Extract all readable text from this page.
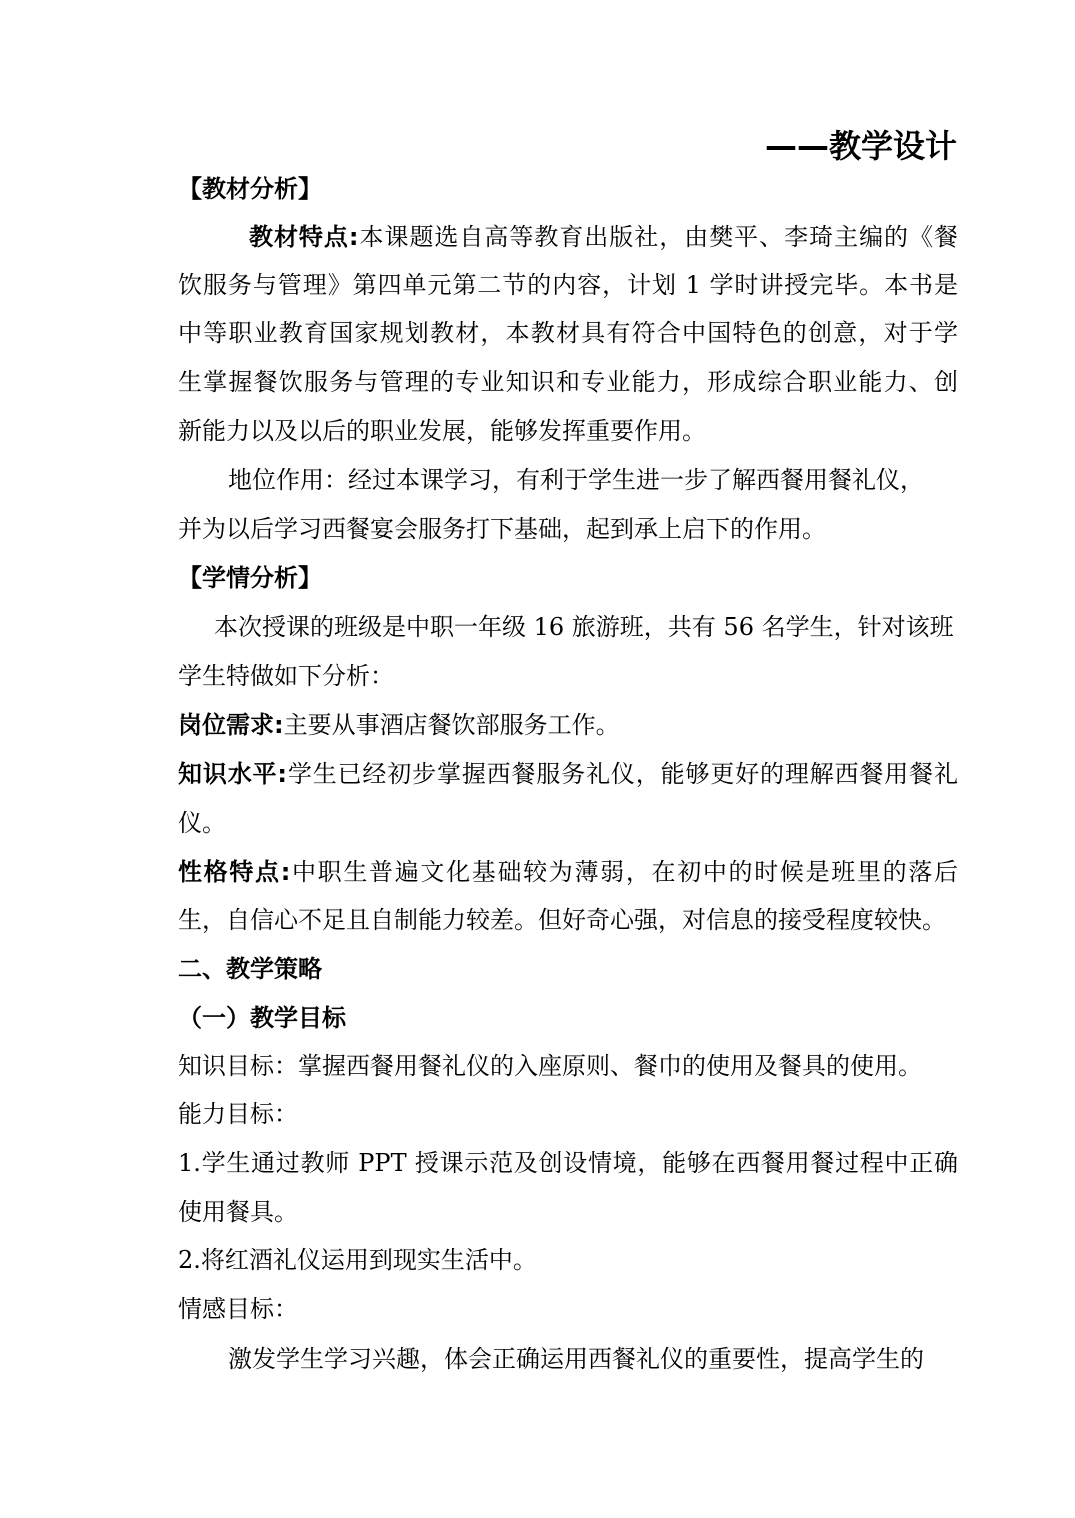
——教学设计
【教材分析】
教材特点:本课题选自高等教育出版社，由樊平、李琦主编的《餐
饮服务与管理》第四单元第二节的内容，计划 1 学时讲授完毕。本书是
中等职业教育国家规划教材，本教材具有符合中国特色的创意，对于学
生掌握餐饮服务与管理的专业知识和专业能力，形成综合职业能力、创
新能力以及以后的职业发展，能够发挥重要作用。
地位作用：经过本课学习，有利于学生进一步了解西餐用餐礼仪，
并为以后学习西餐宴会服务打下基础，起到承上启下的作用。
【学情分析】
本次授课的班级是中职一年级 16 旅游班，共有 56 名学生，针对该班
学生特做如下分析：
岗位需求:主要从事酒店餐饮部服务工作。
知识水平:学生已经初步掌握西餐服务礼仪，能够更好的理解西餐用餐礼
仪。
性格特点:中职生普遍文化基础较为薄弱，在初中的时候是班里的落后
生，自信心不足且自制能力较差。但好奇心强，对信息的接受程度较快。
二、教学策略
（一）教学目标
知识目标：掌握西餐用餐礼仪的入座原则、餐巾的使用及餐具的使用。
能力目标：
1.学生通过教师 PPT 授课示范及创设情境，能够在西餐用餐过程中正确
使用餐具。
2.将红酒礼仪运用到现实生活中。
情感目标：
激发学生学习兴趣，体会正确运用西餐礼仪的重要性，提高学生的
